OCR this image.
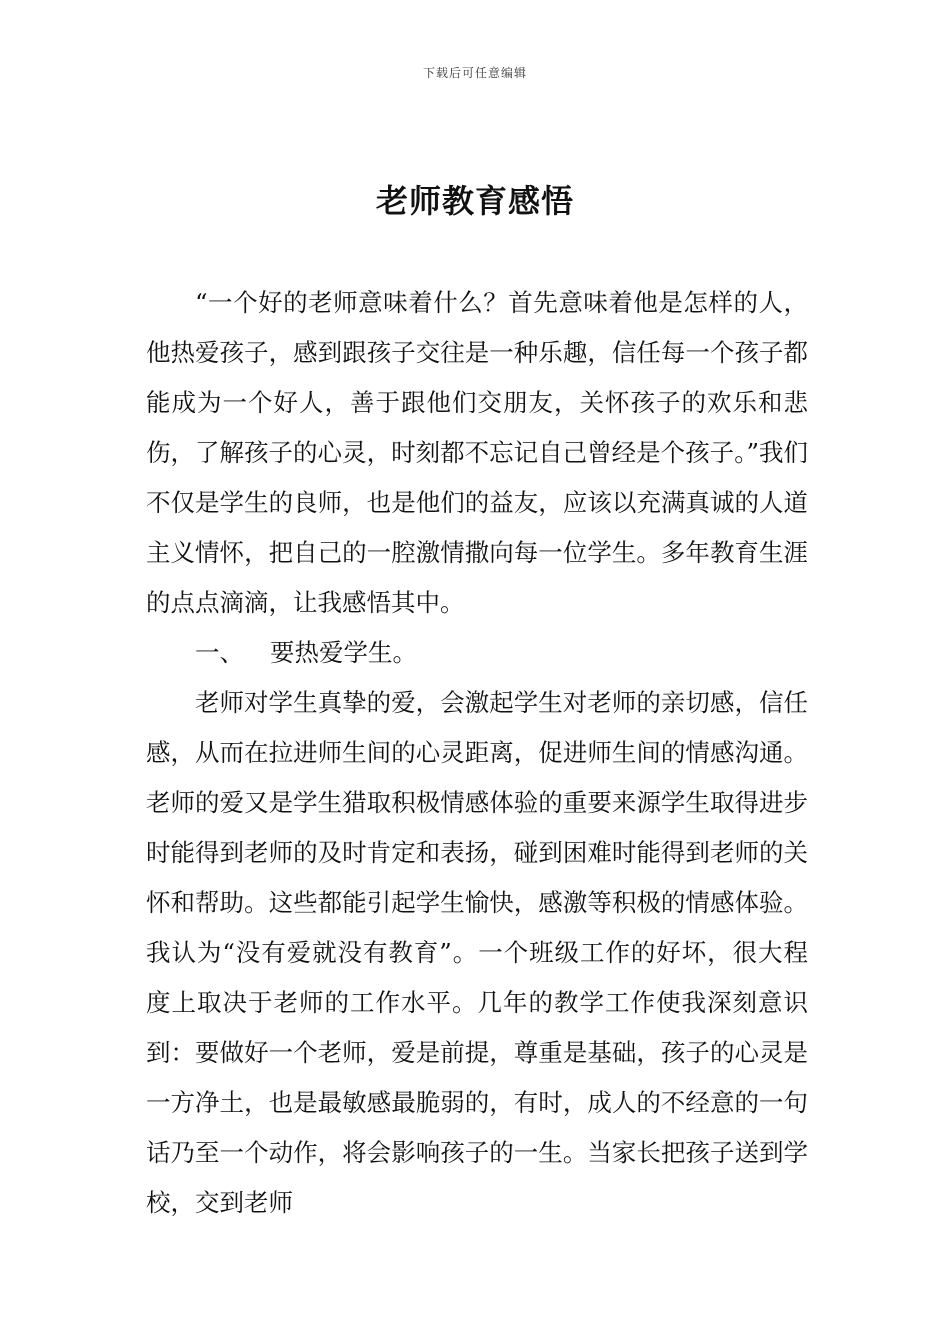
下载后可任意编辑
老师教育感悟

“一个好的老师意味着什么？首先意味着他是怎样的人，他热爱孩子，感到跟孩子交往是一种乐趣，信任每一个孩子都能成为一个好人，善于跟他们交朋友，关怀孩子的欢乐和悲伤，了解孩子的心灵，时刻都不忘记自己曾经是个孩子。”我们不仅是学生的良师，也是他们的益友，应该以充满真诚的人道主义情怀，把自己的一腔激情撒向每一位学生。多年教育生涯的点点滴滴，让我感悟其中。

一、 要热爱学生。

老师对学生真挚的爱，会激起学生对老师的亲切感，信任感，从而在拉进师生间的心灵距离，促进师生间的情感沟通。老师的爱又是学生猎取积极情感体验的重要来源学生取得进步时能得到老师的及时肯定和表扬，碰到困难时能得到老师的关怀和帮助。这些都能引起学生愉快，感激等积极的情感体验。 我认为“没有爱就没有教育”。一个班级工作的好坏，很大程度上取决于老师的工作水平。几年的教学工作使我深刻意识到：要做好一个老师，爱是前提，尊重是基础，孩子的心灵是一方净土，也是最敏感最脆弱的，有时，成人的不经意的一句话乃至一个动作，将会影响孩子的一生。当家长把孩子送到学校，交到老师
